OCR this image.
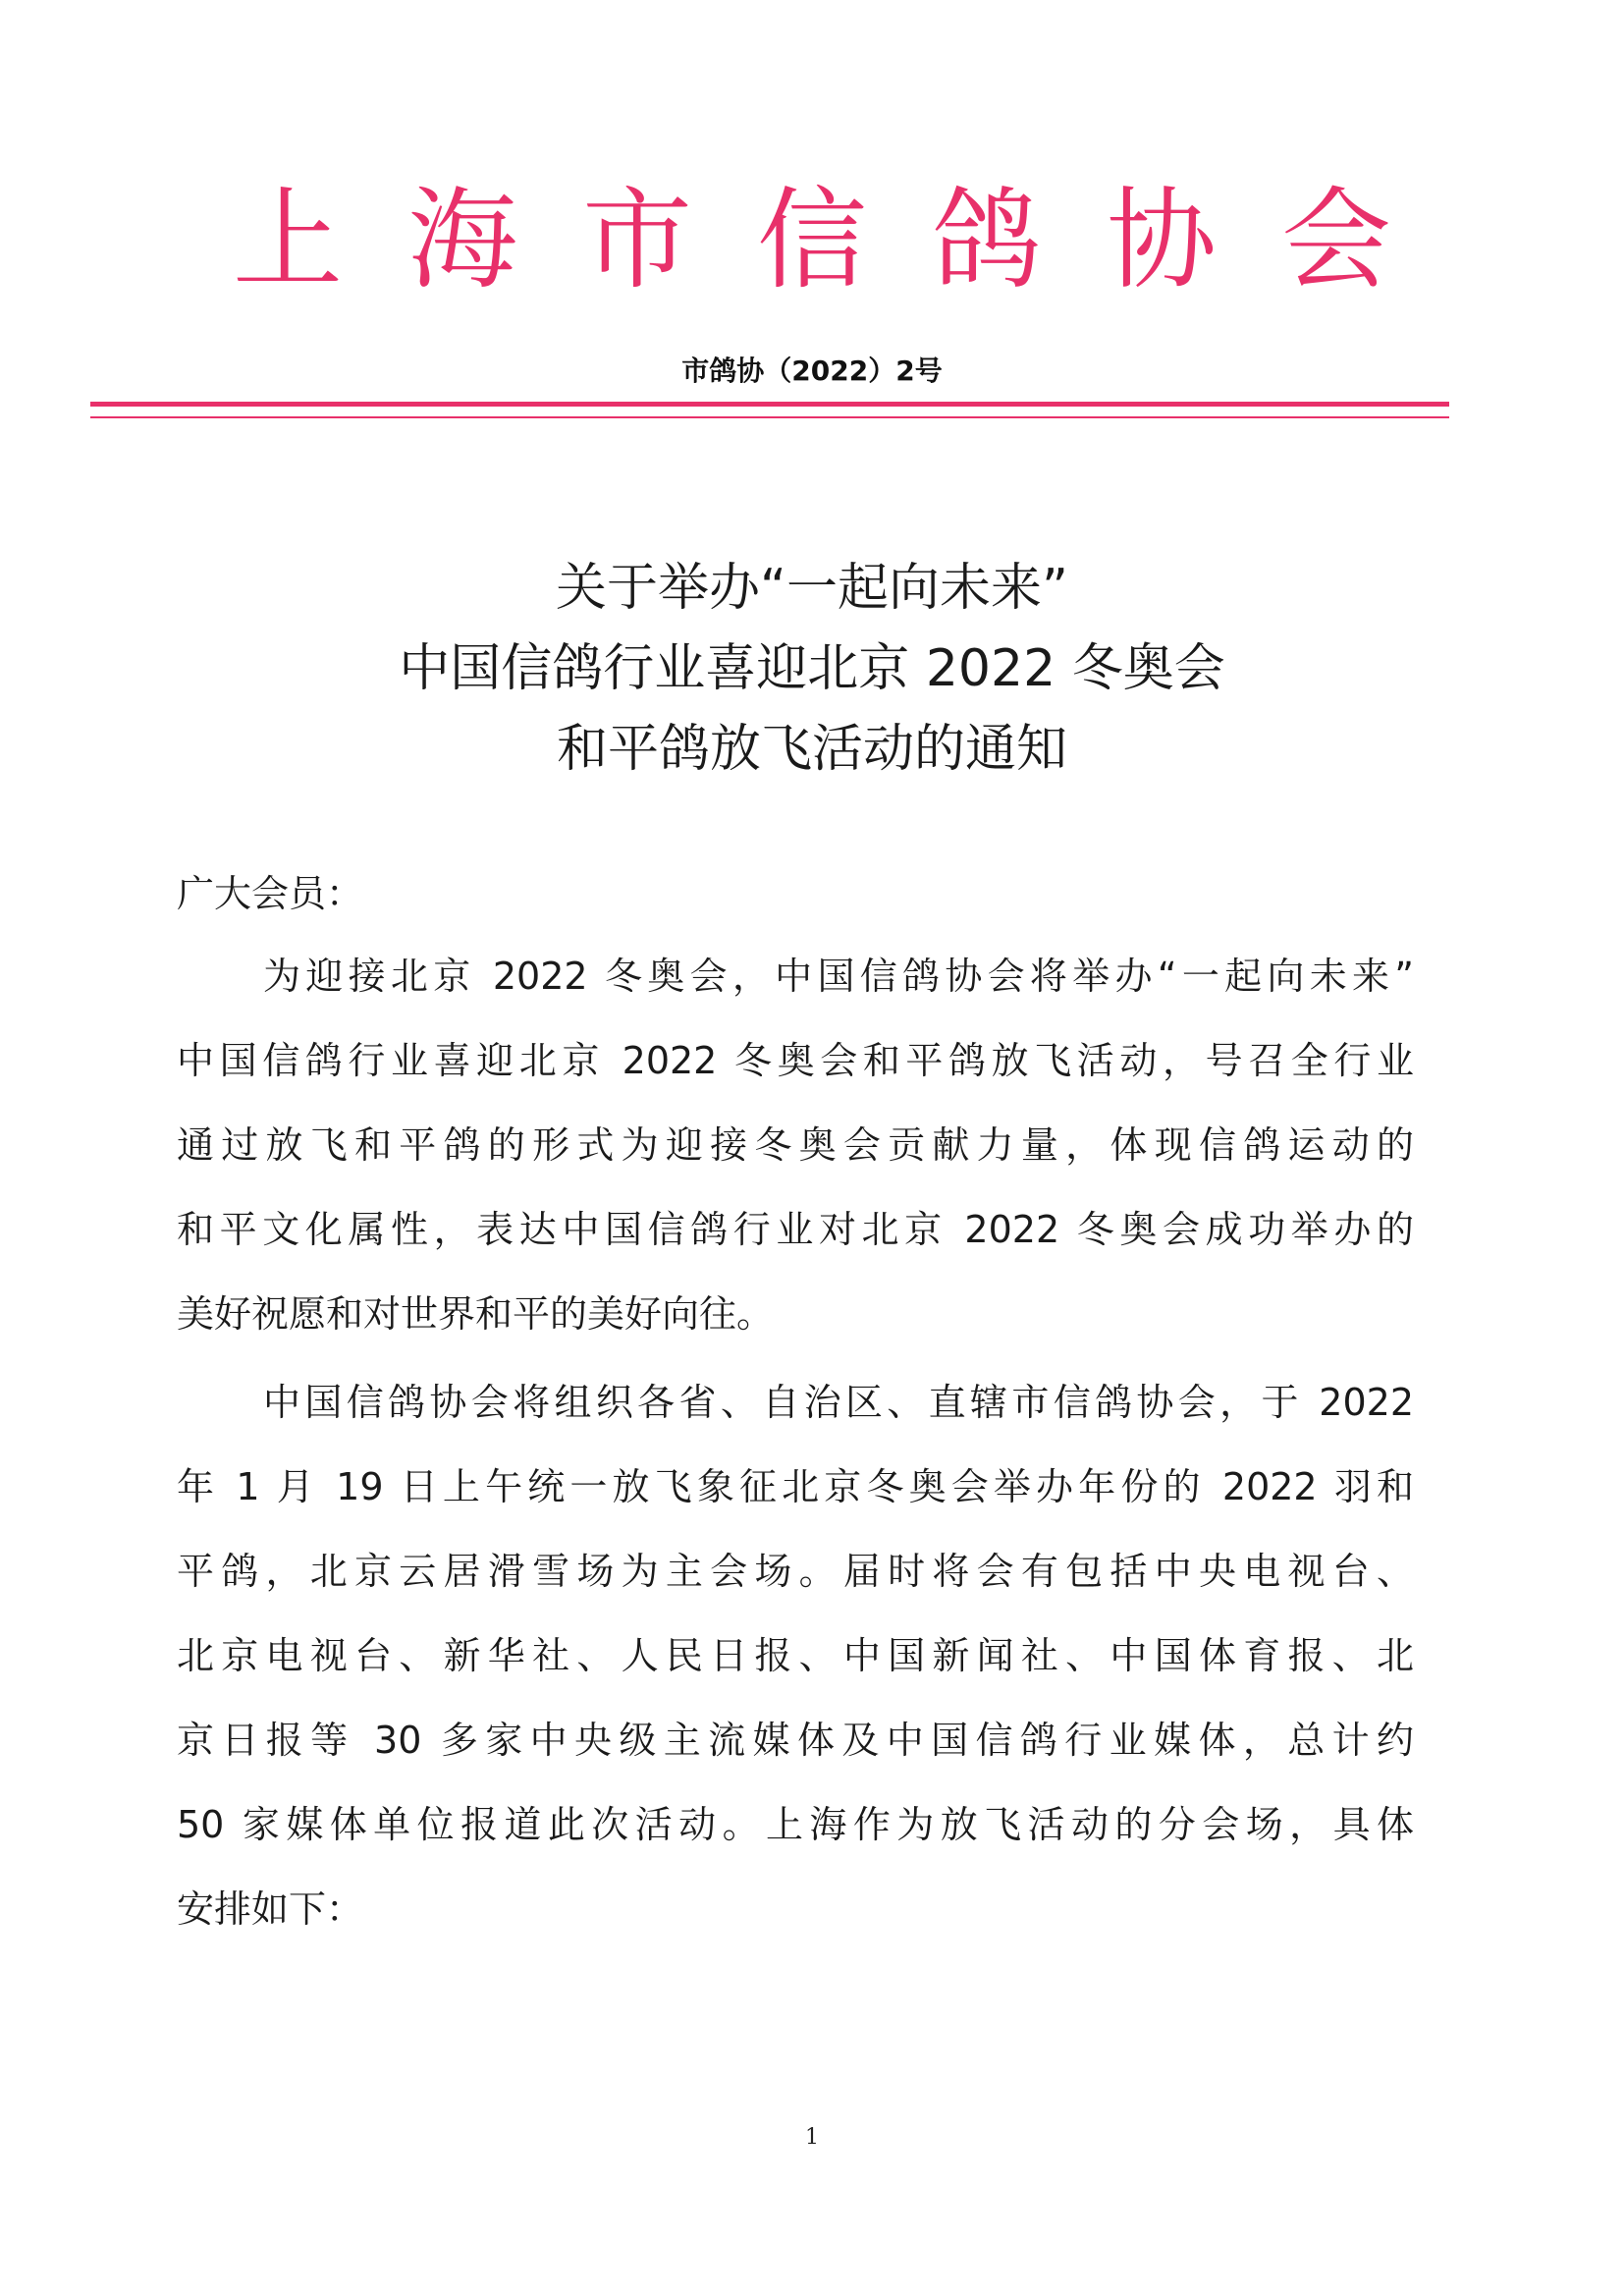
上海市信鸽协会
市鸽协（2022）2号
关于举办“一起向未来”
中国信鸽行业喜迎北京 2022 冬奥会
和平鸽放飞活动的通知

广大会员：

为迎接北京 2022 冬奥会，中国信鸽协会将举办“一起向未来”
中国信鸽行业喜迎北京 2022 冬奥会和平鸽放飞活动，号召全行业
通过放飞和平鸽的形式为迎接冬奥会贡献力量，体现信鸽运动的
和平文化属性，表达中国信鸽行业对北京 2022 冬奥会成功举办的
美好祝愿和对世界和平的美好向往。

中国信鸽协会将组织各省、自治区、直辖市信鸽协会，于 2022
年 1 月 19 日上午统一放飞象征北京冬奥会举办年份的 2022 羽和
平鸽，北京云居滑雪场为主会场。届时将会有包括中央电视台、
北京电视台、新华社、人民日报、中国新闻社、中国体育报、北
京日报等 30 多家中央级主流媒体及中国信鸽行业媒体，总计约
50 家媒体单位报道此次活动。上海作为放飞活动的分会场，具体
安排如下：

1
